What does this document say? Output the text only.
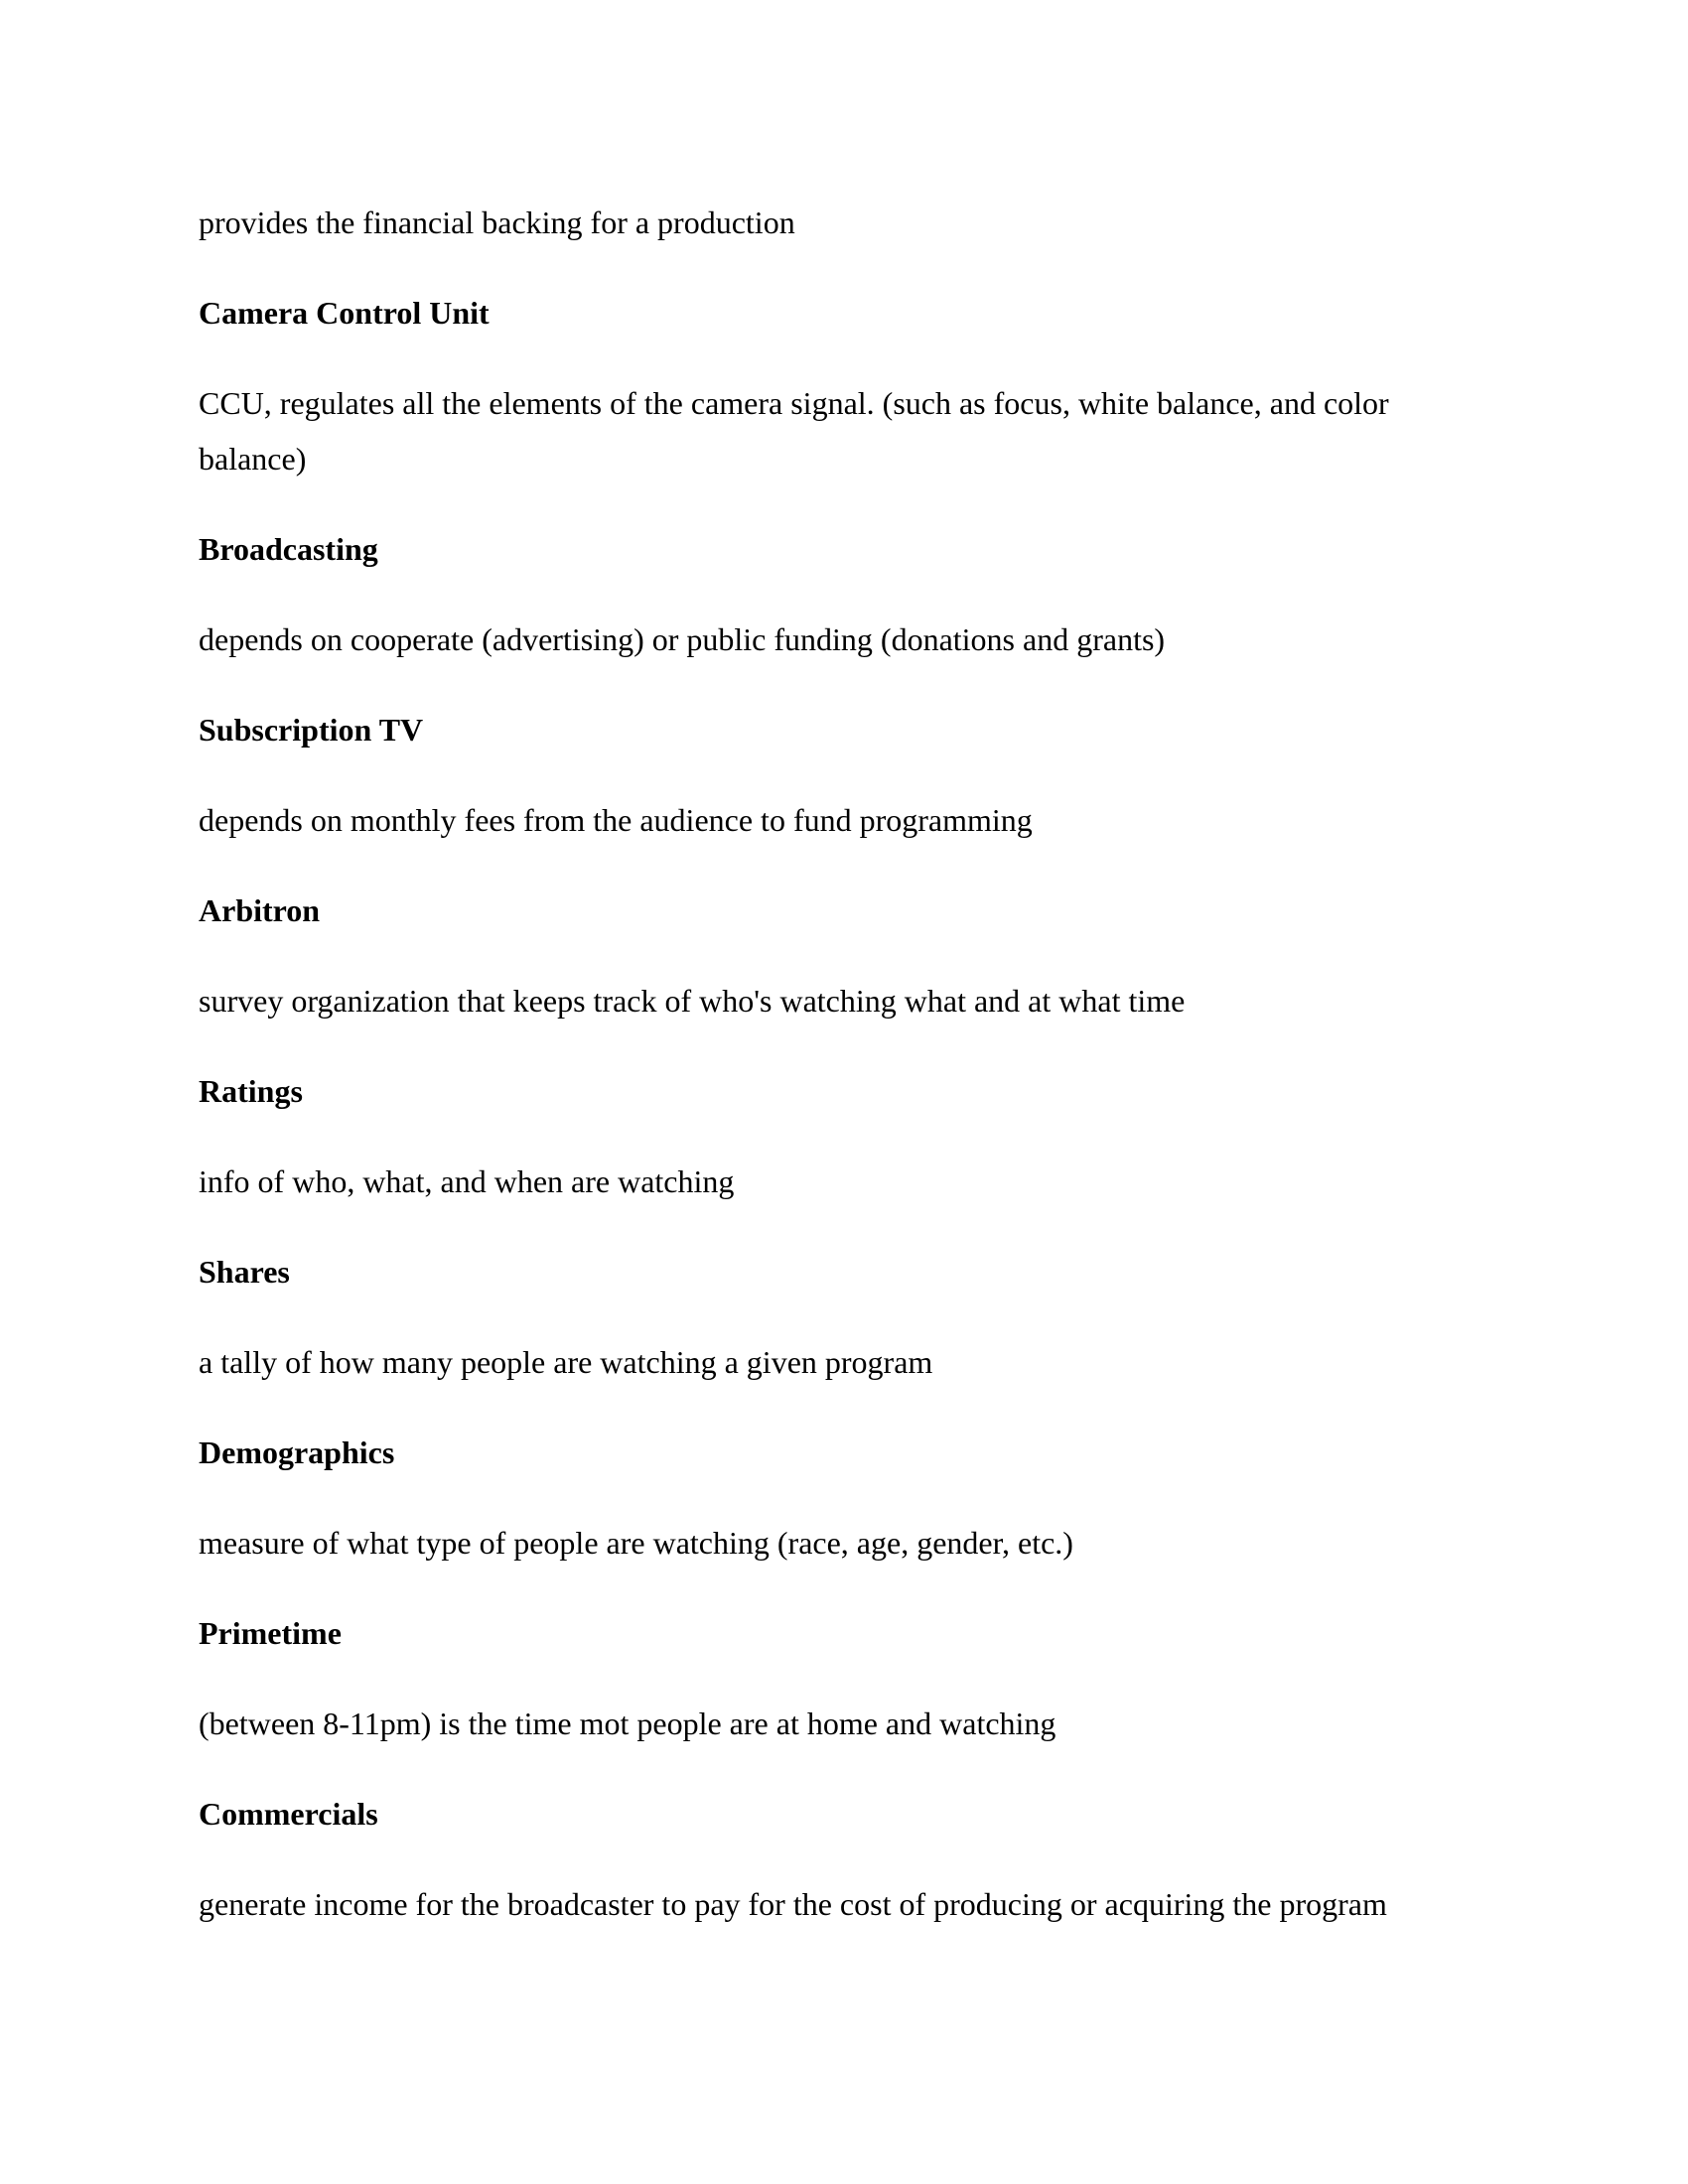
provides the financial backing for a production

Camera Control Unit

CCU, regulates all the elements of the camera signal. (such as focus, white balance, and color balance)

Broadcasting

depends on cooperate (advertising) or public funding (donations and grants)

Subscription TV

depends on monthly fees from the audience to fund programming

Arbitron

survey organization that keeps track of who's watching what and at what time

Ratings

info of who, what, and when are watching

Shares

a tally of how many people are watching a given program

Demographics

measure of what type of people are watching (race, age, gender, etc.)

Primetime

(between 8-11pm) is the time mot people are at home and watching

Commercials

generate income for the broadcaster to pay for the cost of producing or acquiring the program
